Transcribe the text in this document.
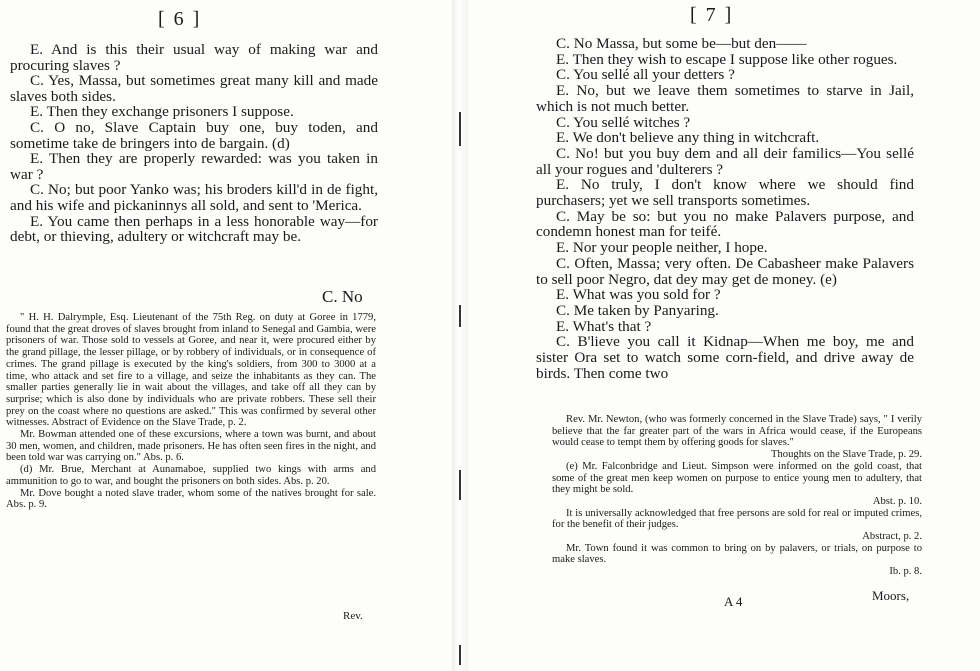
[ 6 ]

E. And is this their usual way of making war and procuring slaves ?

C. Yes, Massa, but sometimes great many kill and made slaves both sides.

E. Then they exchange prisoners I suppose.

C. O no, Slave Captain buy one, buy toden, and sometime take de bringers into de bargain. (d)

E. Then they are properly rewarded: was you taken in war ?

C. No; but poor Yanko was; his broders kill'd in de fight, and his wife and pickaninnys all sold, and sent to 'Merica.

E. You came then perhaps in a less honorable way—for debt, or thieving, adultery or witchcraft may be.

C. No

" H. H. Dalrymple, Esq. Lieutenant of the 75th Reg. on duty at Goree in 1779, found that the great droves of slaves brought from inland to Senegal and Gambia, were prisoners of war. Those sold to vessels at Goree, and near it, were procured either by the grand pillage, the lesser pillage, or by robbery of individuals, or in consequence of crimes. The grand pillage is executed by the king's soldiers, from 300 to 3000 at a time, who attack and set fire to a village, and seize the inhabitants as they can. The smaller parties generally lie in wait about the villages, and take off all they can by surprise; which is also done by individuals who are private robbers. These sell their prey on the coast where no questions are asked." This was confirmed by several other witnesses. Abstract of Evidence on the Slave Trade, p. 2.

Mr. Bowman attended one of these excursions, where a town was burnt, and about 30 men, women, and children, made prisoners. He has often seen fires in the night, and been told war was carrying on." Abs. p. 6.

(d) Mr. Brue, Merchant at Aunamaboe, supplied two kings with arms and ammunition to go to war, and bought the prisoners on both sides. Abs. p. 20.

Mr. Dove bought a noted slave trader, whom some of the natives brought for sale. Abs. p. 9.

Rev.
[ 7 ]

C. No Massa, but some be—but den——

E. Then they wish to escape I suppose like other rogues.

C. You sellé all your detters ?

E. No, but we leave them sometimes to starve in Jail, which is not much better.

C. You sellé witches ?

E. We don't believe any thing in witchcraft.

C. No! but you buy dem and all deir familics—You sellé all your rogues and 'dulterers ?

E. No truly, I don't know where we should find purchasers; yet we sell transports sometimes.

C. May be so: but you no make Palavers purpose, and condemn honest man for teifé.

E. Nor your people neither, I hope.

C. Often, Massa; very often. De Cabasheer make Palavers to sell poor Negro, dat dey may get de money. (e)

E. What was you sold for ?

C. Me taken by Panyaring.

E. What's that ?

C. B'lieve you call it Kidnap—When me boy, me and sister Ora set to watch some corn-field, and drive away de birds. Then come two

Rev. Mr. Newton, (who was formerly concerned in the Slave Trade) says, " I verily believe that the far greater part of the wars in Africa would cease, if the Europeans would cease to tempt them by offering goods for slaves."

Thoughts on the Slave Trade, p. 29.

(e) Mr. Falconbridge and Lieut. Simpson were informed on the gold coast, that some of the great men keep women on purpose to entice young men to adultery, that they might be sold.

Abst. p. 10.

It is universally acknowledged that free persons are sold for real or imputed crimes, for the benefit of their judges.

Abstract, p. 2.

Mr. Town found it was common to bring on by palavers, or trials, on purpose to make slaves.

Ib. p. 8.

A 4	Moors,
